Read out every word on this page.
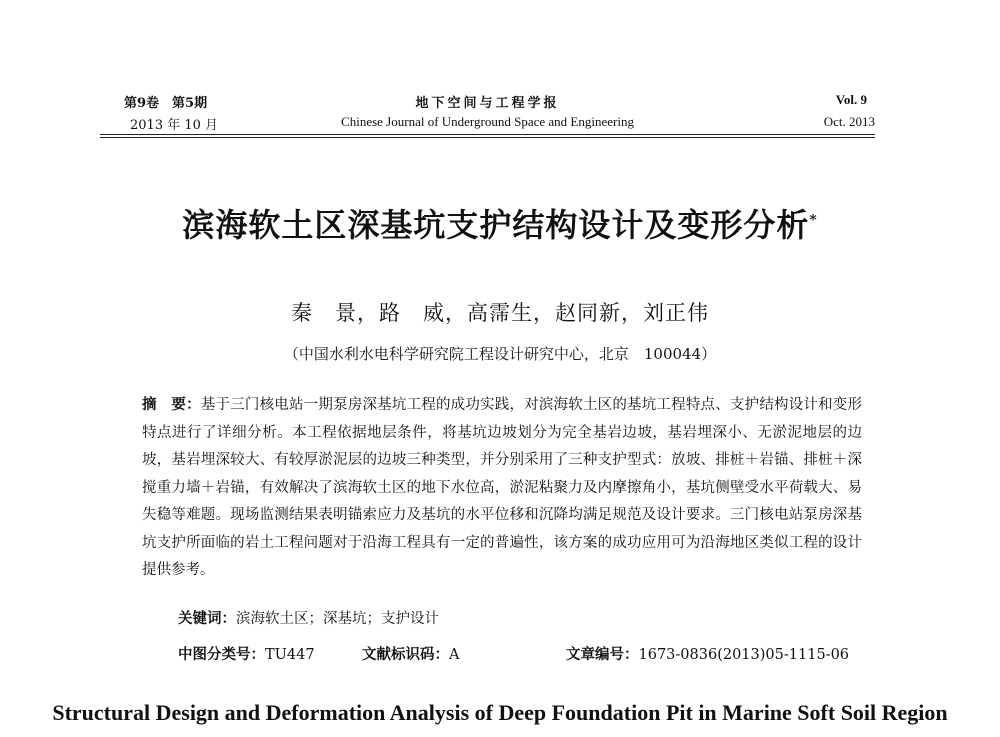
第9卷　第5期
2013 年 10 月
地下空间与工程学报
Chinese Journal of Underground Space and Engineering
Vol. 9
Oct. 2013
滨海软土区深基坑支护结构设计及变形分析*
秦　景，路　威，高霈生，赵同新，刘正伟
（中国水利水电科学研究院工程设计研究中心，北京　100044）
摘　要：基于三门核电站一期泵房深基坑工程的成功实践，对滨海软土区的基坑工程特点、支护结构设计和变形特点进行了详细分析。本工程依据地层条件，将基坑边坡划分为完全基岩边坡，基岩埋深小、无淤泥地层的边坡，基岩埋深较大、有较厚淤泥层的边坡三种类型，并分别采用了三种支护型式：放坡、排桩＋岩锚、排桩＋深搅重力墙＋岩锚，有效解决了滨海软土区的地下水位高，淤泥粘聚力及内摩擦角小，基坑侧壁受水平荷载大、易失稳等难题。现场监测结果表明锚索应力及基坑的水平位移和沉降均满足规范及设计要求。三门核电站泵房深基坑支护所面临的岩土工程问题对于沿海工程具有一定的普遍性，该方案的成功应用可为沿海地区类似工程的设计提供参考。
关键词：滨海软土区；深基坑；支护设计
中图分类号：TU447	文献标识码：A	文章编号：1673-0836(2013)05-1115-06
Structural Design and Deformation Analysis of Deep Foundation Pit in Marine Soft Soil Region
